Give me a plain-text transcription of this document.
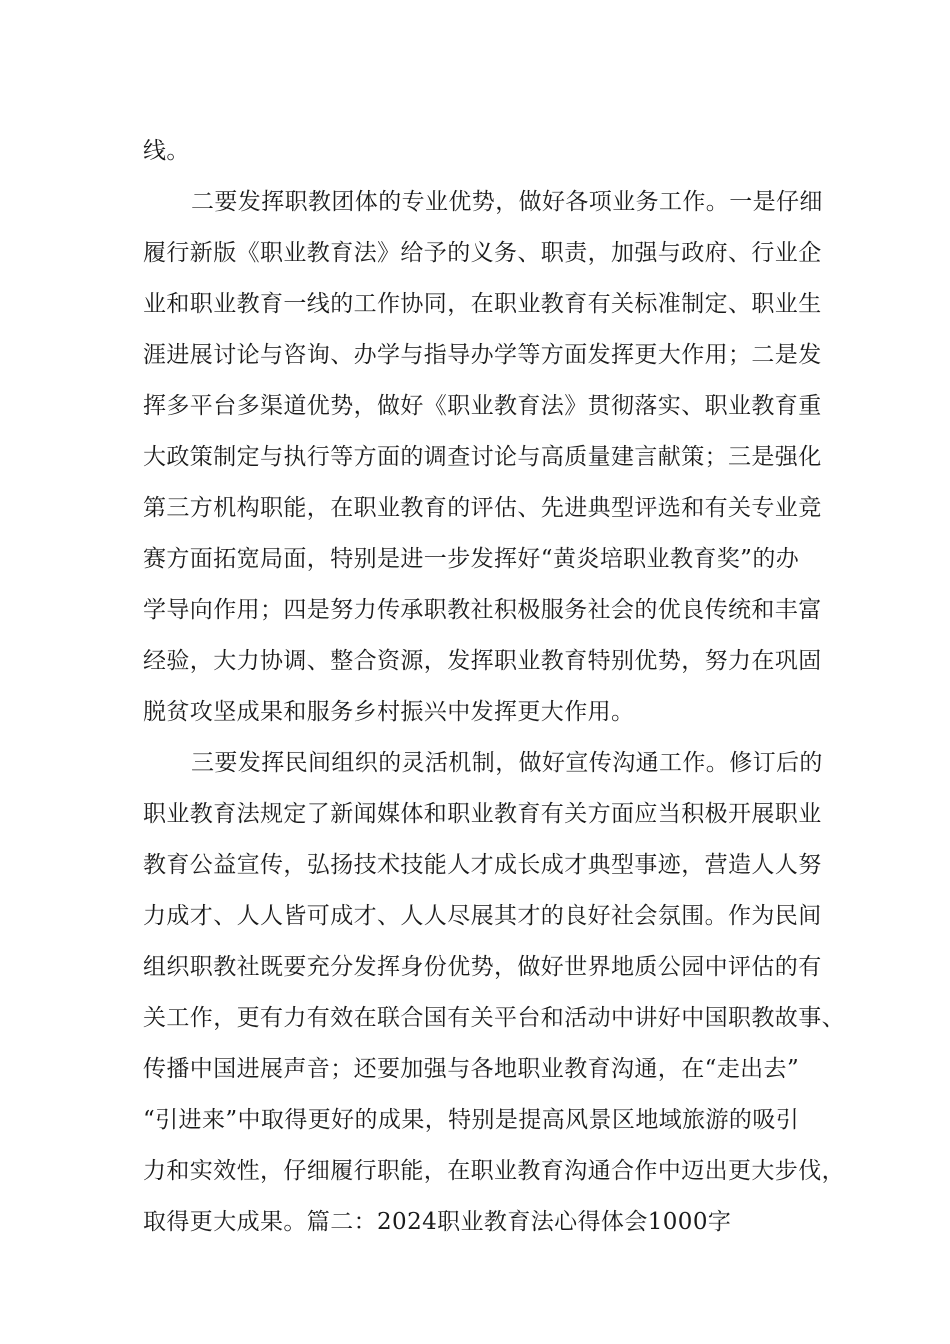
线。
二要发挥职教团体的专业优势，做好各项业务工作。一是仔细
履行新版《职业教育法》给予的义务、职责，加强与政府、行业企
业和职业教育一线的工作协同，在职业教育有关标准制定、职业生
涯进展讨论与咨询、办学与指导办学等方面发挥更大作用；二是发
挥多平台多渠道优势，做好《职业教育法》贯彻落实、职业教育重
大政策制定与执行等方面的调查讨论与高质量建言献策；三是强化
第三方机构职能，在职业教育的评估、先进典型评选和有关专业竞
赛方面拓宽局面，特别是进一步发挥好“黄炎培职业教育奖”的办
学导向作用；四是努力传承职教社积极服务社会的优良传统和丰富
经验，大力协调、整合资源，发挥职业教育特别优势，努力在巩固
脱贫攻坚成果和服务乡村振兴中发挥更大作用。
三要发挥民间组织的灵活机制，做好宣传沟通工作。修订后的
职业教育法规定了新闻媒体和职业教育有关方面应当积极开展职业
教育公益宣传，弘扬技术技能人才成长成才典型事迹，营造人人努
力成才、人人皆可成才、人人尽展其才的良好社会氛围。作为民间
组织职教社既要充分发挥身份优势，做好世界地质公园中评估的有
关工作，更有力有效在联合国有关平台和活动中讲好中国职教故事、
传播中国进展声音；还要加强与各地职业教育沟通，在“走出去”
“引进来”中取得更好的成果，特别是提高风景区地域旅游的吸引
力和实效性，仔细履行职能，在职业教育沟通合作中迈出更大步伐，
取得更大成果。篇二：2024职业教育法心得体会1000字
